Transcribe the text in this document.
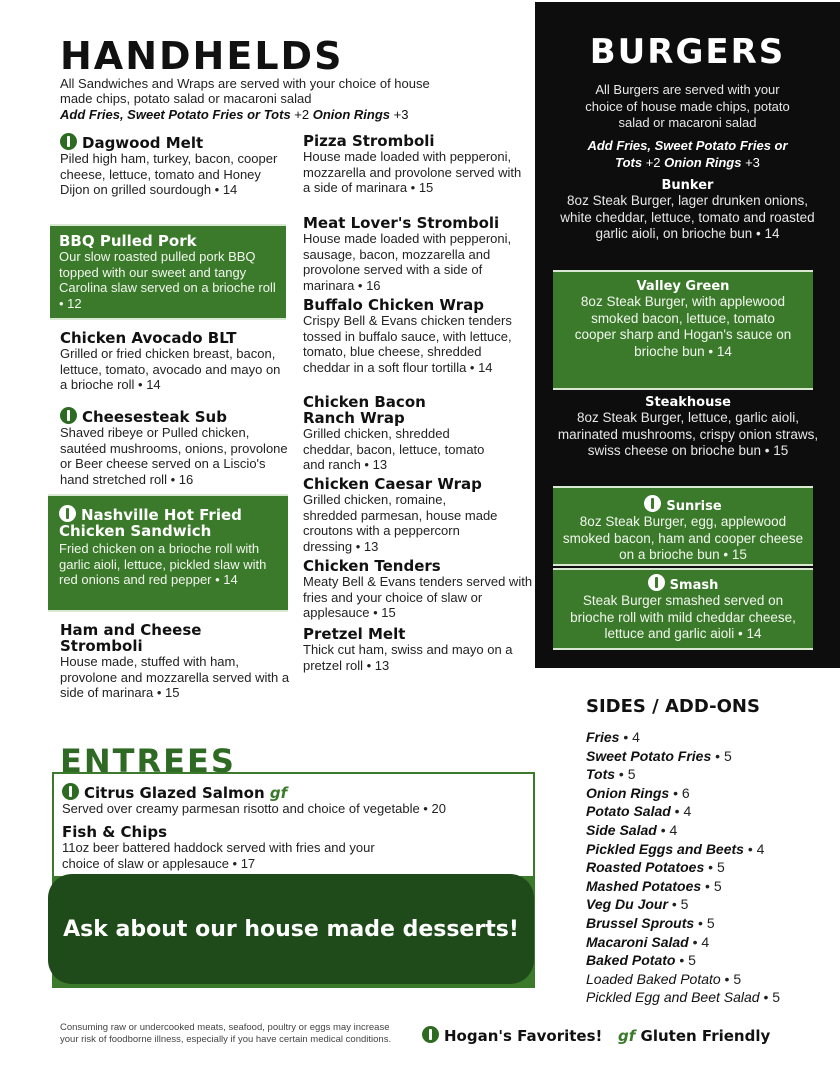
HANDHELDS
All Sandwiches and Wraps are served with your choice of house made chips, potato salad or macaroni salad
Add Fries, Sweet Potato Fries or Tots +2 Onion Rings +3
Dagwood Melt
Piled high ham, turkey, bacon, cooper cheese, lettuce, tomato and Honey Dijon on grilled sourdough • 14
BBQ Pulled Pork
Our slow roasted pulled pork BBQ topped with our sweet and tangy Carolina slaw served on a brioche roll • 12
Chicken Avocado BLT
Grilled or fried chicken breast, bacon, lettuce, tomato, avocado and mayo on a brioche roll • 14
Cheesesteak Sub
Shaved ribeye or Pulled chicken, sautéed mushrooms, onions, provolone or Beer cheese served on a Liscio's hand stretched roll • 16
Nashville Hot Fried Chicken Sandwich
Fried chicken on a brioche roll with garlic aioli, lettuce, pickled slaw with red onions and red pepper • 14
Ham and Cheese Stromboli
House made, stuffed with ham, provolone and mozzarella served with a side of marinara • 15
Pizza Stromboli
House made loaded with pepperoni, mozzarella and provolone served with a side of marinara • 15
Meat Lover's Stromboli
House made loaded with pepperoni, sausage, bacon, mozzarella and provolone served with a side of marinara • 16
Buffalo Chicken Wrap
Crispy Bell & Evans chicken tenders tossed in buffalo sauce, with lettuce, tomato, blue cheese, shredded cheddar in a soft flour tortilla • 14
Chicken Bacon Ranch Wrap
Grilled chicken, shredded cheddar, bacon, lettuce, tomato and ranch • 13
Chicken Caesar Wrap
Grilled chicken, romaine, shredded parmesan, house made croutons with a peppercorn dressing • 13
Chicken Tenders
Meaty Bell & Evans tenders served with fries and your choice of slaw or applesauce • 15
Pretzel Melt
Thick cut ham, swiss and mayo on a pretzel roll • 13
BURGERS
All Burgers are served with your choice of house made chips, potato salad or macaroni salad
Add Fries, Sweet Potato Fries or Tots +2 Onion Rings +3
Bunker
8oz Steak Burger, lager drunken onions, white cheddar, lettuce, tomato and roasted garlic aioli, on brioche bun • 14
Valley Green
8oz Steak Burger, with applewood smoked bacon, lettuce, tomato cooper sharp and Hogan's sauce on brioche bun • 14
Steakhouse
8oz Steak Burger, lettuce, garlic aioli, marinated mushrooms, crispy onion straws, swiss cheese on brioche bun • 15
Sunrise
8oz Steak Burger, egg, applewood smoked bacon, ham and cooper cheese on a brioche bun • 15
Smash
Steak Burger smashed served on brioche roll with mild cheddar cheese, lettuce and garlic aioli • 14
ENTREES
Citrus Glazed Salmon gf
Served over creamy parmesan risotto and choice of vegetable • 20
Fish & Chips
11oz beer battered haddock served with fries and your choice of slaw or applesauce • 17
Ask about our house made desserts!
SIDES / ADD-ONS
Fries • 4
Sweet Potato Fries • 5
Tots • 5
Onion Rings • 6
Potato Salad • 4
Side Salad • 4
Pickled Eggs and Beets • 4
Roasted Potatoes • 5
Mashed Potatoes • 5
Veg Du Jour • 5
Brussel Sprouts • 5
Macaroni Salad • 4
Baked Potato • 5
Loaded Baked Potato • 5
Pickled Egg and Beet Salad • 5
Consuming raw or undercooked meats, seafood, poultry or eggs may increase your risk of foodborne illness, especially if you have certain medical conditions.	Hogan's Favorites! gf Gluten Friendly
